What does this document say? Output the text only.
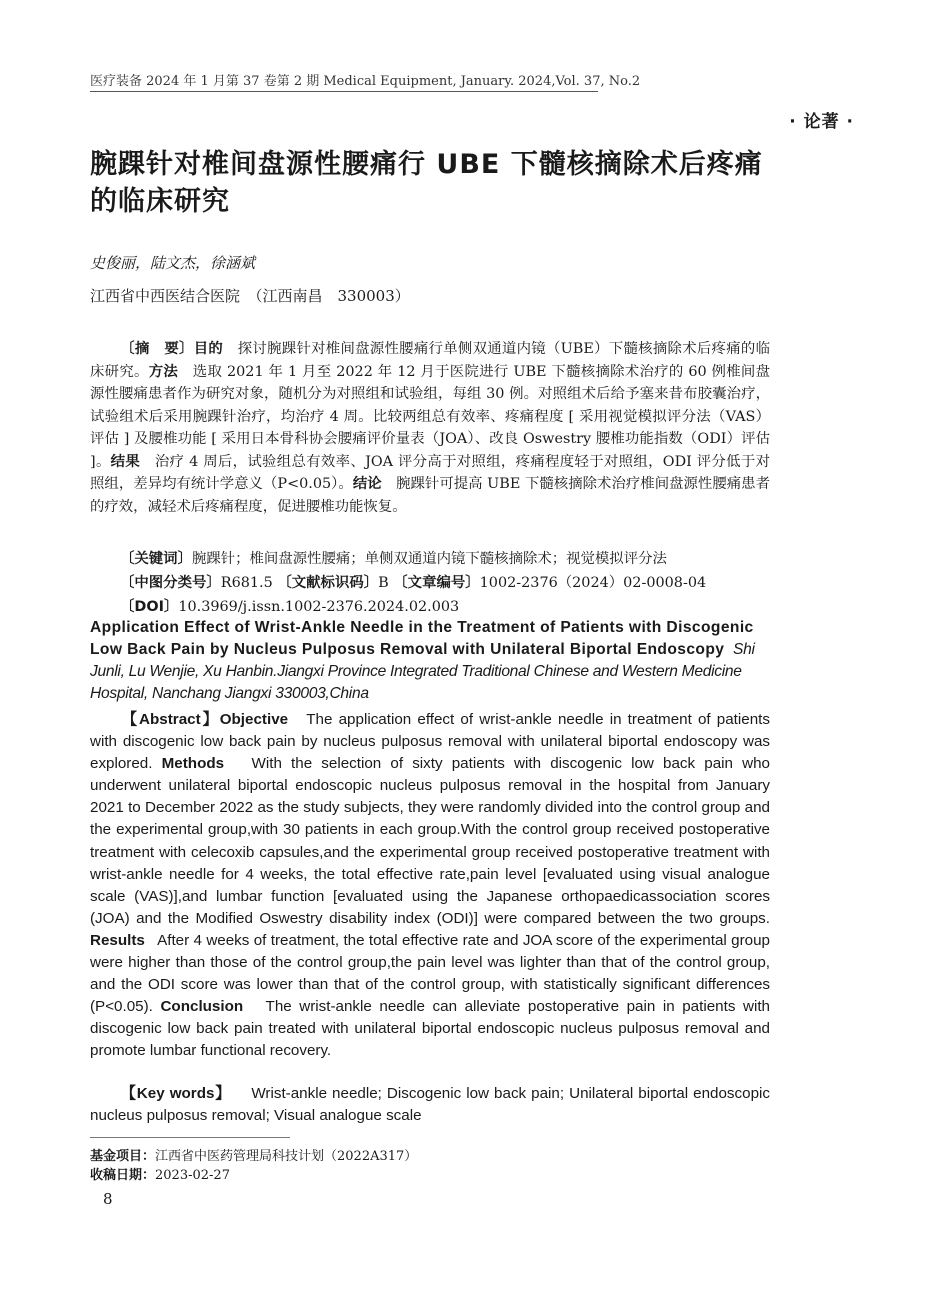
医疗装备 2024 年 1 月第 37 卷第 2 期 Medical Equipment, January. 2024,Vol. 37, No.2
· 论著 ·
腕踝针对椎间盘源性腰痛行 UBE 下髓核摘除术后疼痛的临床研究
史俊丽，陆文杰，徐涵斌
江西省中西医结合医院　（江西南昌　330003）
〔摘　要〕目的　 探讨腕踝针对椎间盘源性腰痛行单侧双通道内镜（UBE）下髓核摘除术后疼痛的临床研究。方法　 选取 2021 年 1 月至 2022 年 12 月于医院进行 UBE 下髓核摘除术治疗的 60 例椎间盘源性腰痛患者作为研究对象，随机分为对照组和试验组，每组 30 例。对照组术后给予塞来昔布胶囊治疗，试验组术后采用腕踝针治疗，均治疗 4 周。比较两组总有效率、疼痛程度 [ 采用视觉模拟评分法（VAS）评估 ] 及腰椎功能 [ 采用日本骨科协会腰痛评价量表（JOA）、改良 Oswestry 腰椎功能指数（ODI）评估 ]。结果　 治疗 4 周后，试验组总有效率、JOA 评分高于对照组，疼痛程度轻于对照组，ODI 评分低于对照组，差异均有统计学意义（P<0.05）。结论　 腕踝针可提高 UBE 下髓核摘除术治疗椎间盘源性腰痛患者的疗效，减轻术后疼痛程度，促进腰椎功能恢复。
〔关键词〕腕踝针；椎间盘源性腰痛；单侧双通道内镜下髓核摘除术；视觉模拟评分法
〔中图分类号〕R681.5 〔文献标识码〕B 〔文章编号〕1002-2376（2024）02-0008-04
〔DOI〕10.3969/j.issn.1002-2376.2024.02.003
Application Effect of Wrist-Ankle Needle in the Treatment of Patients with Discogenic Low Back Pain by Nucleus Pulposus Removal with Unilateral Biportal Endoscopy Shi Junli, Lu Wenjie, Xu Hanbin.Jiangxi Province Integrated Traditional Chinese and Western Medicine Hospital, Nanchang Jiangxi 330003,China
【Abstract】Objective The application effect of wrist-ankle needle in treatment of patients with discogenic low back pain by nucleus pulposus removal with unilateral biportal endoscopy was explored. Methods With the selection of sixty patients with discogenic low back pain who underwent unilateral biportal endoscopic nucleus pulposus removal in the hospital from January 2021 to December 2022 as the study subjects, they were randomly divided into the control group and the experimental group,with 30 patients in each group.With the control group received postoperative treatment with celecoxib capsules,and the experimental group received postoperative treatment with wrist-ankle needle for 4 weeks, the total effective rate,pain level [evaluated using visual analogue scale (VAS)],and lumbar function [evaluated using the Japanese orthopaedicassociation scores (JOA) and the Modified Oswestry disability index (ODI)] were compared between the two groups. Results After 4 weeks of treatment, the total effective rate and JOA score of the experimental group were higher than those of the control group,the pain level was lighter than that of the control group, and the ODI score was lower than that of the control group, with statistically significant differences (P<0.05). Conclusion The wrist-ankle needle can alleviate postoperative pain in patients with discogenic low back pain treated with unilateral biportal endoscopic nucleus pulposus removal and promote lumbar functional recovery.
【Key words】 Wrist-ankle needle; Discogenic low back pain; Unilateral biportal endoscopic nucleus pulposus removal; Visual analogue scale
基金项目：江西省中医药管理局科技计划（2022A317）
收稿日期：2023-02-27
8
